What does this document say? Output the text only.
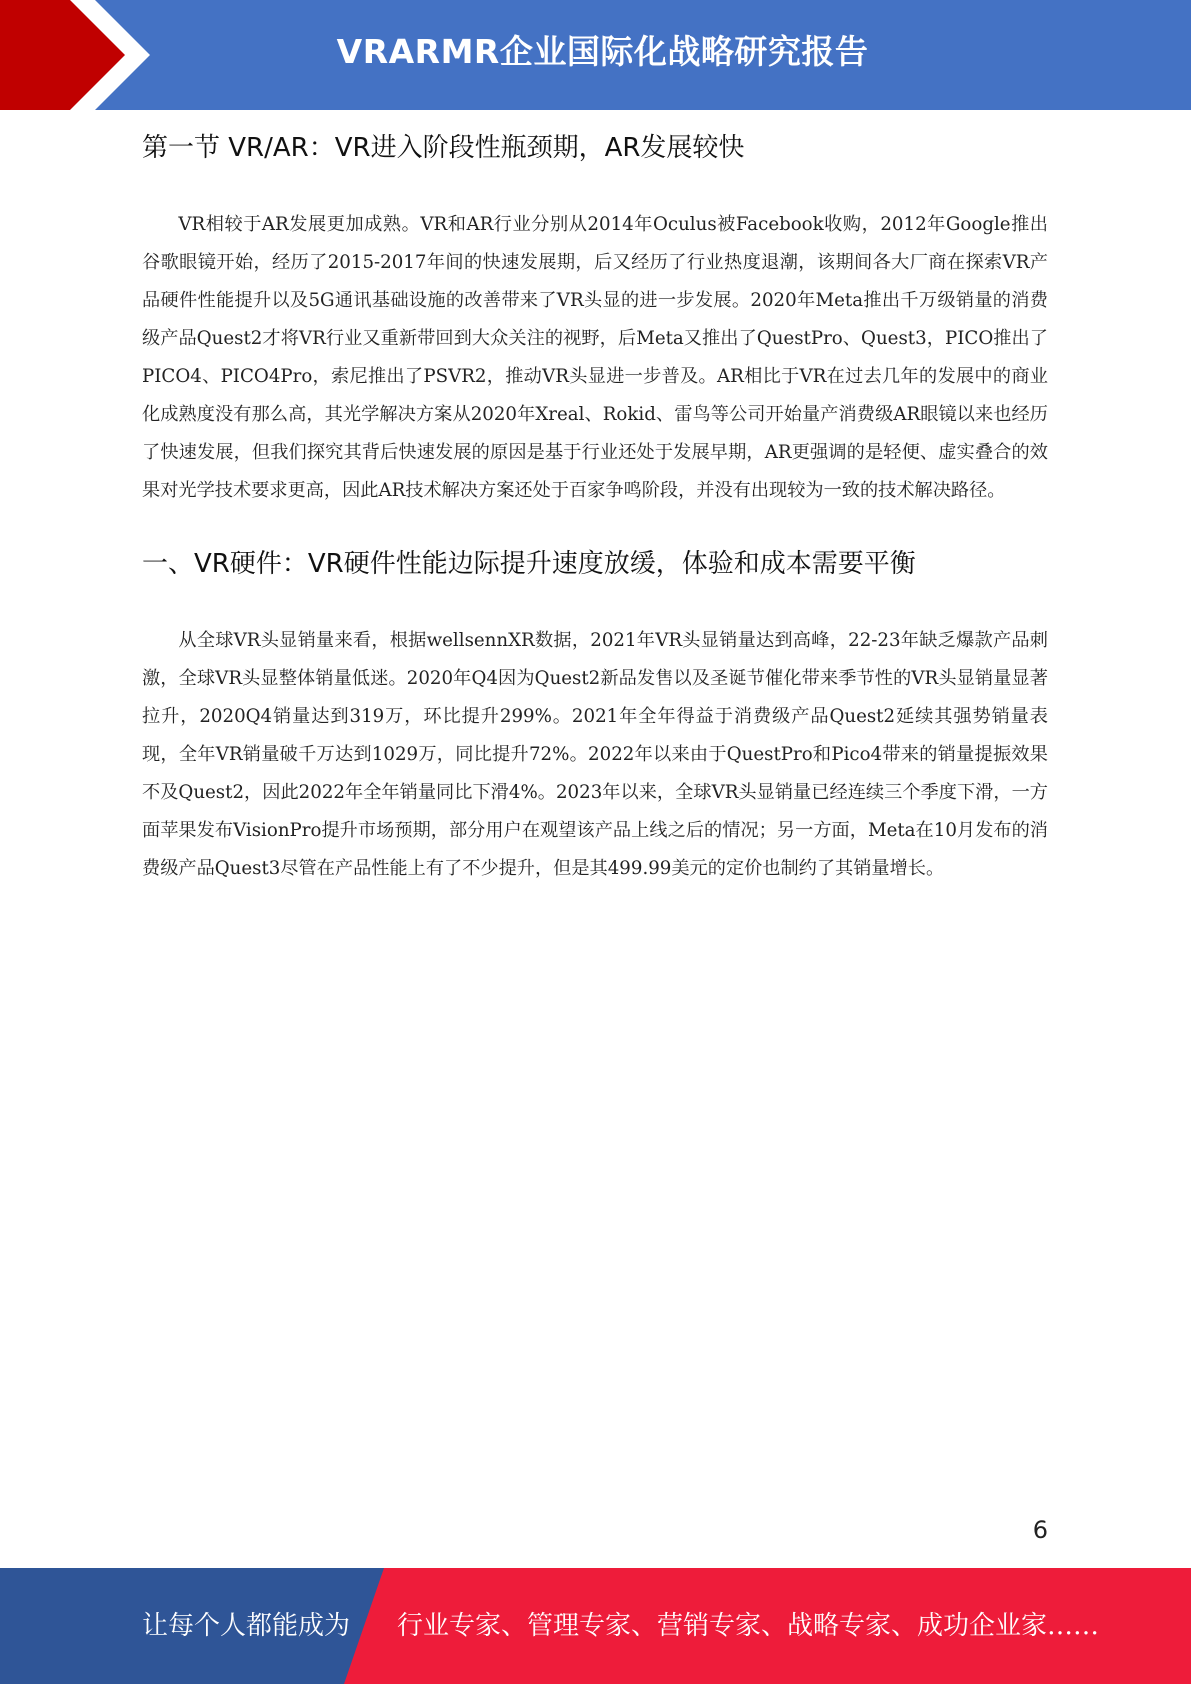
VRARMR企业国际化战略研究报告
第一节 VR/AR：VR进入阶段性瓶颈期，AR发展较快

VR相较于AR发展更加成熟。VR和AR行业分别从2014年Oculus被Facebook收购，2012年Google推出谷歌眼镜开始，经历了2015-2017年间的快速发展期，后又经历了行业热度退潮，该期间各大厂商在探索VR产品硬件性能提升以及5G通讯基础设施的改善带来了VR头显的进一步发展。2020年Meta推出千万级销量的消费级产品Quest2才将VR行业又重新带回到大众关注的视野，后Meta又推出了QuestPro、Quest3，PICO推出了PICO4、PICO4Pro，索尼推出了PSVR2，推动VR头显进一步普及。AR相比于VR在过去几年的发展中的商业化成熟度没有那么高，其光学解决方案从2020年Xreal、Rokid、雷鸟等公司开始量产消费级AR眼镜以来也经历了快速发展，但我们探究其背后快速发展的原因是基于行业还处于发展早期，AR更强调的是轻便、虚实叠合的效果对光学技术要求更高，因此AR技术解决方案还处于百家争鸣阶段，并没有出现较为一致的技术解决路径。

一、VR硬件：VR硬件性能边际提升速度放缓，体验和成本需要平衡

从全球VR头显销量来看，根据wellsennXR数据，2021年VR头显销量达到高峰，22-23年缺乏爆款产品刺激，全球VR头显整体销量低迷。2020年Q4因为Quest2新品发售以及圣诞节催化带来季节性的VR头显销量显著拉升，2020Q4销量达到319万，环比提升299%。2021年全年得益于消费级产品Quest2延续其强势销量表现，全年VR销量破千万达到1029万，同比提升72%。2022年以来由于QuestPro和Pico4带来的销量提振效果不及Quest2，因此2022年全年销量同比下滑4%。2023年以来，全球VR头显销量已经连续三个季度下滑，一方面苹果发布VisionPro提升市场预期，部分用户在观望该产品上线之后的情况；另一方面，Meta在10月发布的消费级产品Quest3尽管在产品性能上有了不少提升，但是其499.99美元的定价也制约了其销量增长。

6
让每个人都能成为 行业专家、管理专家、营销专家、战略专家、成功企业家……
